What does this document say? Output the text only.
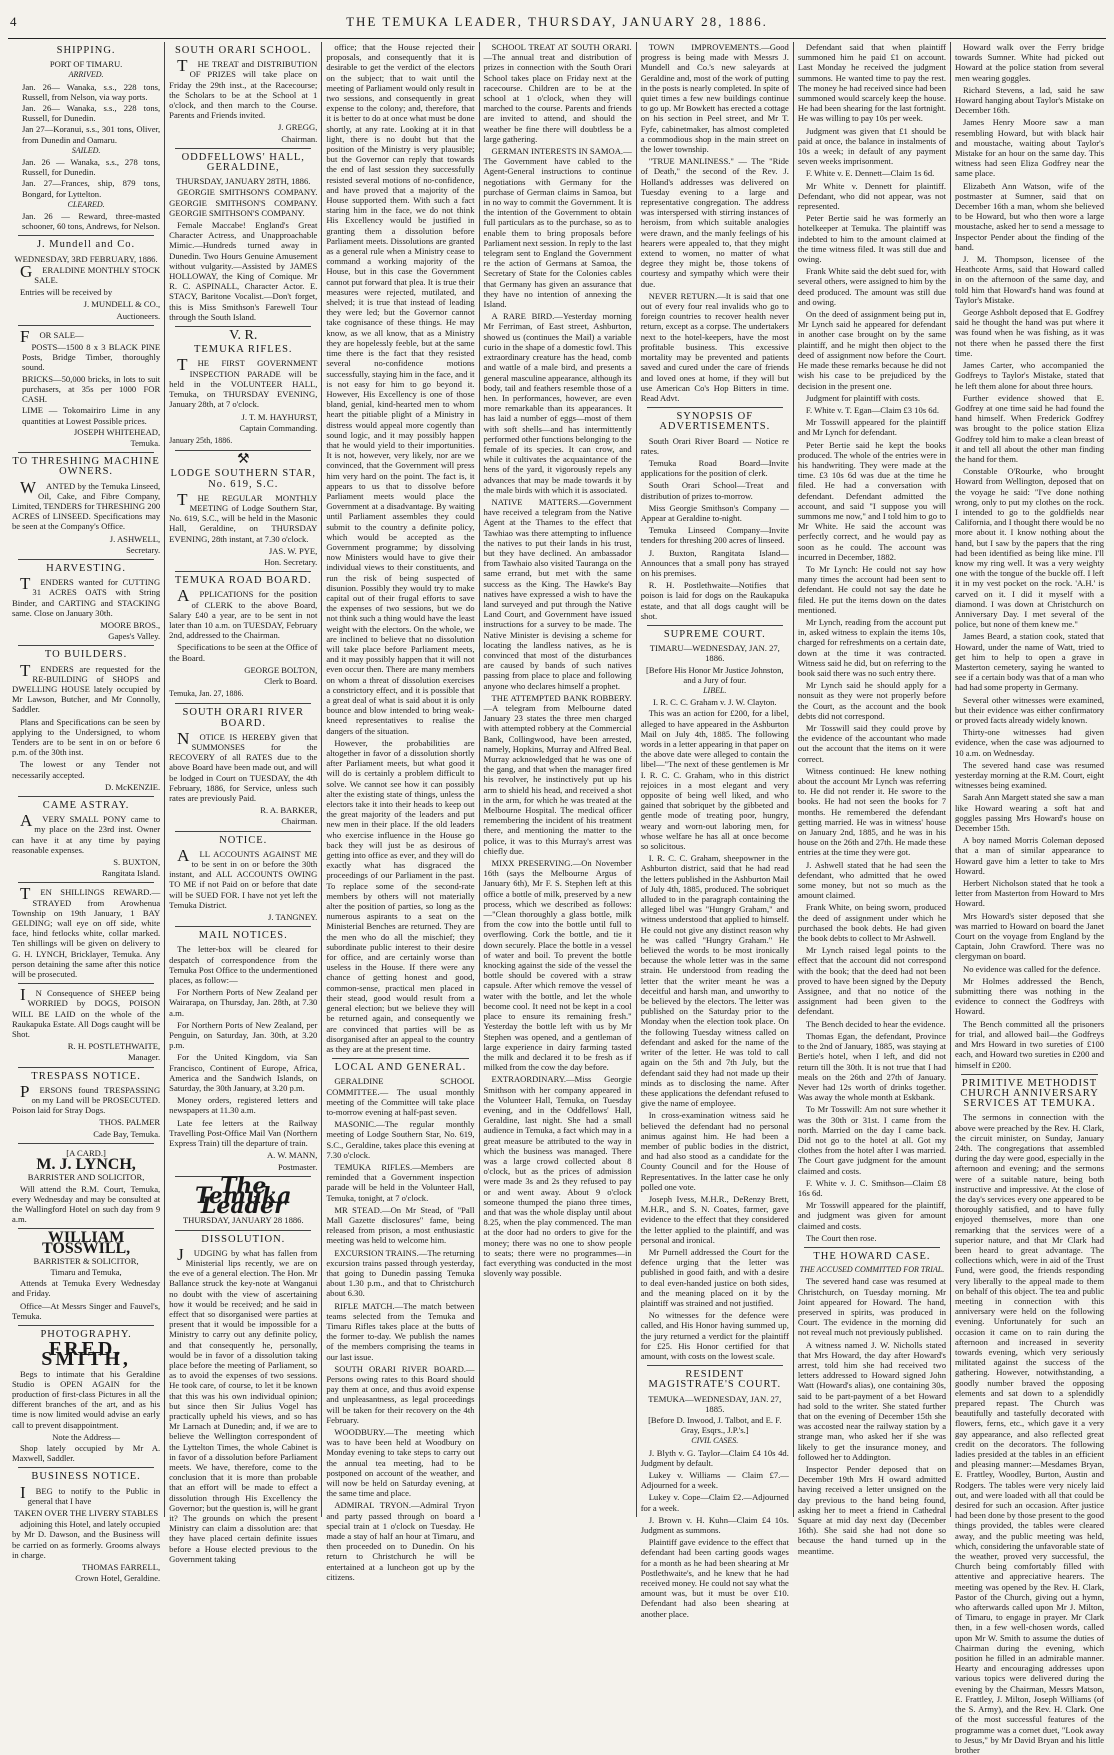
4	THE TEMUKA LEADER, THURSDAY, JANUARY 28, 1886.
SHIPPING.
PORT OF TIMARU.
ARRIVED.
Jan. 26— Wanaka, s.s., 228 tons, Russell, from Nelson, via way ports.
Jan. 26— Wanaka, s.s., 228 tons, Russell, for Dunedin.
Jan 27—Koranui, s.s., 301 tons, Oliver, from Dunedin and Oamaru.
SAILED.
Jan. 26 — Wanaka, s.s., 278 tons, Russell, for Dunedin.
Jan. 27—Frances, ship, 879 tons, Bongard, for Lyttelton.
CLEARED.
Jan. 26 — Reward, three-masted schooner, 60 tons, Andrews, for Nelson.
J. Mundell and Co.
WEDNESDAY, 3RD FEBRUARY, 1886.
GERALDINE MONTHLY STOCK SALE.
Entries will be received by
J. MUNDELL & CO.,
Auctioneers.
FOR SALE—
POSTS—1500 8 x 3 BLACK PINE Posts, Bridge Timber, thoroughly sound.
BRICKS—50,000 bricks, in lots to suit purchasers, at 35s per 1000 FOR CASH.
LIME — Tokomairiro Lime in any quantities at Lowest Possible prices.
JOSEPH WHITEHEAD,
Temuka.
TO THRESHING MACHINE OWNERS.
WANTED by the Temuka Linseed, Oil, Cake, and Fibre Company, Limited, TENDERS for THRESHING 200 ACRES of LINSEED. Specifications may be seen at the Company's Office.
J. ASHWELL,
Secretary.
HARVESTING.
TENDERS wanted for CUTTING 31 ACRES OATS with String Binder, and CARTING and STACKING same. Close on January 30th.
MOORE BROS.,
Gapes's Valley.
TO BUILDERS.
TENDERS are requested for the RE-BUILDING of SHOPS and DWELLING HOUSE lately occupied by Mr Lawson, Butcher, and Mr Connolly, Saddler.
Plans and Specifications can be seen by applying to the Undersigned, to whom Tenders are to be sent in on or before 6 p.m. of the 30th inst.
The lowest or any Tender not necessarily accepted.
D. McKENZIE.
CAME ASTRAY.
AVERY SMALL PONY came to my place on the 23rd inst. Owner can have it at any time by paying reasonable expenses.
S. BUXTON,
Rangitata Island.
TEN SHILLINGS REWARD.— STRAYED from Arowhenua Township on 19th January, 1 BAY GELDING; wall eye on off side, white face, hind fetlocks white, collar marked. Ten shillings will be given on delivery to G. H. LYNCH, Bricklayer, Temuka. Any person detaining the same after this notice will be prosecuted.
IN Consequence of SHEEP being WORRIED by DOGS, POISON WILL BE LAID on the whole of the Raukapuka Estate. All Dogs caught will be Shot.
R. H. POSTLETHWAITE,
Manager.
TRESPASS NOTICE.
PERSONS found TRESPASSING on my Land will be PROSECUTED. Poison laid for Stray Dogs.
THOS. PALMER
Cade Bay, Temuka.
[A CARD.]
M. J. LYNCH,
BARRISTER AND SOLICITOR,
Will attend the R.M. Court, Temuka, every Wednesday and may be consulted at the Wallingford Hotel on such day from 9 a.m.
WILLIAM TOSSWILL,
BARRISTER & SOLICITOR,
Timaru and Temuka,
Attends at Temuka Every Wednesday and Friday.
Office—At Messrs Singer and Fauvel's, Temuka.
PHOTOGRAPHY.
FRED. SMITH,
Begs to intimate that his Geraldine Studio is OPEN AGAIN for the production of first-class Pictures in all the different branches of the art, and as his time is now limited would advise an early call to prevent disappointment.
Note the Address—
Shop lately occupied by Mr A. Maxwell, Saddler.
BUSINESS NOTICE.
IBEG to notify to the Public in general that I have
TAKEN OVER THE LIVERY STABLES
adjoining this Hotel, and lately occupied by Mr D. Dawson, and the Business will be carried on as formerly. Grooms always in charge.
THOMAS FARRELL,
Crown Hotel, Geraldine.
SOUTH ORARI SCHOOL.
THE TREAT and DISTRIBUTION OF PRIZES will take place on Friday the 29th inst., at the Racecourse; the Scholars to be at the School at 1 o'clock, and then march to the Course. Parents and Friends invited.
J. GREGG,
Chairman.
ODDFELLOWS' HALL, GERALDINE,
THURSDAY, JANUARY 28TH, 1886.
GEORGIE SMITHSON'S COMPANY. GEORGIE SMITHSON'S COMPANY. GEORGIE SMITHSON'S COMPANY.
Female Maccabe! England's Great Character Actress, and Unapproachable Mimic.—Hundreds turned away in Dunedin. Two Hours Genuine Amusement without vulgarity.—Assisted by JAMES HOLLOWAY, the King of Comique. Mr R. C. ASPINALL, Character Actor. E. STACY, Baritone Vocalist.—Don't forget, this is Miss Smithson's Farewell Tour through the South Island.
V. R.
TEMUKA RIFLES.
THE FIRST GOVERNMENT INSPECTION PARADE will be held in the VOLUNTEER HALL, Temuka, on THURSDAY EVENING, January 28th, at 7 o'clock.
J. T. M. HAYHURST,
Captain Commanding.
January 25th, 1886.
⚒
LODGE SOUTHERN STAR, No. 619, S.C.
THE REGULAR MONTHLY MEETING of Lodge Southern Star, No. 619, S.C., will be held in the Masonic Hall, Geraldine, on THURSDAY EVENING, 28th instant, at 7.30 o'clock.
JAS. W. PYE,
Hon. Secretary.
TEMUKA ROAD BOARD.
APPLICATIONS for the position of CLERK to the above Board, Salary £40 a year, are to be sent in not later than 10 a.m. on TUESDAY, February 2nd, addressed to the Chairman.
Specifications to be seen at the Office of the Board.
GEORGE BOLTON,
Clerk to Board.
Temuka, Jan. 27, 1886.
SOUTH ORARI RIVER BOARD.
NOTICE IS HEREBY given that SUMMONSES for the RECOVERY of all RATES due to the above Board have been made out, and will be lodged in Court on TUESDAY, the 4th February, 1886, for Service, unless such rates are previously Paid.
R. A. BARKER,
Chairman.
NOTICE.
ALL ACCOUNTS AGAINST ME to be sent in on or before the 30th instant, and ALL ACCOUNTS OWING TO ME if not Paid on or before that date will be SUED FOR. I have not yet left the Temuka District.
J. TANGNEY.
MAIL NOTICES.
The letter-box will be cleared for despatch of correspondence from the Temuka Post Office to the undermentioned places, as follow:—
For Northern Ports of New Zealand per Wairarapa, on Thursday, Jan. 28th, at 7.30 a.m.
For Northern Ports of New Zealand, per Penguin, on Saturday, Jan. 30th, at 3.20 p.m.
For the United Kingdom, via San Francisco, Continent of Europe, Africa, America and the Sandwich Islands, on Saturday, the 30th January, at 3.20 p.m.
Money orders, registered letters and newspapers at 11.30 a.m.
Late fee letters at the Railway Travelling Post-Office Mail Van (Northern Express Train) till the departure of train.
A. W. MANN,
Postmaster.
The Temuka Leader
THURSDAY, JANUARY 28 1886.
DISSOLUTION.
JUDGING by what has fallen from Ministerial lips recently, we are on the eve of a general election. The Hon. Mr Ballance struck the key-note at Wanganui no doubt with the view of ascertaining how it would be received; and he said in effect that so disorganised were parties at present that it would be impossible for a Ministry to carry out any definite policy, and that consequently he, personally, would be in favor of a dissolution taking place before the meeting of Parliament, so as to avoid the expenses of two sessions. He took care, of course, to let it be known that this was his own individual opinion; but since then Sir Julius Vogel has practically upheld his views, and so has Mr Larnach at Dunedin; and, if we are to believe the Wellington correspondent of the Lyttelton Times, the whole Cabinet is in favor of a dissolution before Parliament meets. We have, therefore, come to the conclusion that it is more than probable that an effort will be made to effect a dissolution through His Excellency the Governor; but the question is, will he grant it? The grounds on which the present Ministry can claim a dissolution are: that they have placed certain definite issues before a House elected previous to the Government taking
office; that the House rejected their proposals, and consequently that it is desirable to get the verdict of the electors on the subject; that to wait until the meeting of Parliament would only result in two sessions, and consequently in great expense to the colony; and, therefore, that it is better to do at once what must be done shortly, at any rate. Looking at it in that light, there is no doubt but that the position of the Ministry is very plausible; but the Governor can reply that towards the end of last session they successfully resisted several motions of no-confidence, and have proved that a majority of the House supported them. With such a fact staring him in the face, we do not think His Excellency would be justified in granting them a dissolution before Parliament meets. Dissolutions are granted as a general rule when a Ministry cease to command a working majority of the House, but in this case the Government cannot put forward that plea. It is true their measures were rejected, mutilated, and shelved; it is true that instead of leading they were led; but the Governor cannot take cognisance of these things. He may know, as we all know, that as a Ministry they are hopelessly feeble, but at the same time there is the fact that they resisted several no-confidence motions successfully, staying him in the face, and it is not easy for him to go beyond it. However, His Excellency is one of those bland, genial, kind-hearted men to whom heart the pitiable plight of a Ministry in distress would appeal more cogently than sound logic, and it may possibly happen that he would yield to their importunities. It is not, however, very likely, nor are we convinced, that the Government will press him very hard on the point. The fact is, it appears to us that to dissolve before Parliament meets would place the Government at a disadvantage. By waiting until Parliament assembles they could submit to the country a definite policy, which would be accepted as the Government programme; by dissolving now Ministers would have to give their individual views to their constituents, and run the risk of being suspected of disunion. Possibly they would try to make capital out of their frugal efforts to save the expenses of two sessions, but we do not think such a thing would have the least weight with the electors. On the whole, we are inclined to believe that no dissolution will take place before Parliament meets, and it may possibly happen that it will not even occur then. There are many members on whom a threat of dissolution exercises a constrictory effect, and it is possible that a great deal of what is said about it is only bounce and blow intended to bring weak-kneed representatives to realise the dangers of the situation.
However, the probabilities are altogether in favor of a dissolution shortly after Parliament meets, but what good it will do is certainly a problem difficult to solve. We cannot see how it can possibly alter the existing state of things, unless the electors take it into their heads to keep out the great majority of the leaders and put new men in their place. If the old leaders who exercise influence in the House go back they will just be as desirous of getting into office as ever, and they will do exactly what has disgraced the proceedings of our Parliament in the past. To replace some of the second-rate members by others will not materially alter the position of parties, so long as the numerous aspirants to a seat on the Ministerial Benches are returned. They are the men who do all the mischief; they subordinate public interest to their desire for office, and are certainly worse than useless in the House. If there were any chance of getting honest and good, common-sense, practical men placed in their stead, good would result from a general election; but we believe they will be returned again, and consequently we are convinced that parties will be as disorganised after an appeal to the country as they are at the present time.
LOCAL AND GENERAL.
GERALDINE SCHOOL COMMITTEE.— The usual monthly meeting of the Committee will take place to-morrow evening at half-past seven.
MASONIC.—The regular monthly meeting of Lodge Southern Star, No. 619, S.C., Geraldine, takes place this evening at 7.30 o'clock.
TEMUKA RIFLES.—Members are reminded that a Government inspection parade will be held in the Volunteer Hall, Temuka, tonight, at 7 o'clock.
MR STEAD.—On Mr Stead, of "Pall Mall Gazette disclosures" fame, being released from prison, a most enthusiastic meeting was held to welcome him.
EXCURSION TRAINS.—The returning excursion trains passed through yesterday, that going to Dunedin passing Temuka about 1.30 p.m., and that to Christchurch about 6.30.
RIFLE MATCH.—The match between teams selected from the Temuka and Timaru Rifles takes place at the butts of the former to-day. We publish the names of the members comprising the teams in our last issue.
SOUTH ORARI RIVER BOARD.—Persons owing rates to this Board should pay them at once, and thus avoid expense and unpleasantness, as legal proceedings will be taken for their recovery on the 4th February.
WOODBURY.—The meeting which was to have been held at Woodbury on Monday evening to take steps to carry out the annual tea meeting, had to be postponed on account of the weather, and will now be held on Saturday evening, at the same time and place.
ADMIRAL TRYON.—Admiral Tryon and party passed through on board a special train at 1 o'clock on Tuesday. He made a stay of half an hour at Timaru, and then proceeded on to Dunedin. On his return to Christchurch he will be entertained at a luncheon got up by the citizens.
SCHOOL TREAT AT SOUTH ORARI.—The annual treat and distribution of prizes in connection with the South Orari School takes place on Friday next at the racecourse. Children are to be at the school at 1 o'clock, when they will marched to the course. Parents and friends are invited to attend, and should the weather be fine there will doubtless be a large gathering.
GERMAN INTERESTS IN SAMOA.— The Government have cabled to the Agent-General instructions to continue negotiations with Germany for the purchase of German claims in Samoa, but in no way to commit the Government. It is the intention of the Government to obtain full particulars as to the purchase, so as to enable them to bring proposals before Parliament next session. In reply to the last telegram sent to England the Government re the action of Germans at Samoa, the Secretary of State for the Colonies cables that Germany has given an assurance that they have no intention of annexing the Island.
A RARE BIRD.—Yesterday morning Mr Ferriman, of East street, Ashburton, showed us (continues the Mail) a variable curio in the shape of a domestic fowl. This extraordinary creature has the head, comb and wattle of a male bird, and presents a general masculine appearance, although its body, tail and feathers resemble those of a hen. In performances, however, are even more remarkable than its appearances. It has laid a number of eggs—most of them with soft shells—and has intermittently performed other functions belonging to the female of its species. It can crow, and while it cultivates the acquaintance of the hens of the yard, it vigorously repels any advances that may be made towards it by the male birds with which it is associated.
NATIVE MATTERS.—Government have received a telegram from the Native Agent at the Thames to the effect that Tawhiao was there attempting to influence the natives to put their lands in his trust, but they have declined. An ambassador from Tawhaio also visited Tauranga on the same errand, but met with the same success as the King. The Hawke's Bay natives have expressed a wish to have the land surveyed and put through the Native Land Court, and Government have issued instructions for a survey to be made. The Native Minister is devising a scheme for locating the landless natives, as he is convinced that most of the disturbances are caused by bands of such natives passing from place to place and following anyone who declares himself a prophet.
THE ATTEMPTED BANK ROBBERY.—A telegram from Melbourne dated January 23 states the three men charged with attempted robbery at the Commercial Bank, Collingwood, have been arrested, namely, Hopkins, Murray and Alfred Beal. Murray acknowledged that he was one of the gang, and that when the manager fired his revolver, he instinctively put up his arm to shield his head, and received a shot in the arm, for which he was treated at the Melbourne Hospital. The medical officer remembering the incident of his treatment there, and mentioning the matter to the police, it was to this Murray's arrest was chiefly due.
MIXX PRESERVING.—On November 16th (says the Melbourne Argus of January 6th), Mr F. S. Stephen left at this office a bottle of milk, preserved by a new process, which we described as follows:—"Clean thoroughly a glass bottle, milk from the cow into the bottle until full to overflowing. Cork the bottle, and tie it down securely. Place the bottle in a vessel of water and boil. To prevent the bottle knocking against the side of the vessel the bottle should be covered with a straw capsule. After which remove the vessel of water with the bottle, and let the whole become cool. It need not be kept in a cool place to ensure its remaining fresh." Yesterday the bottle left with us by Mr Stephen was opened, and a gentleman of large experience in dairy farming tasted the milk and declared it to be fresh as if milked from the cow the day before.
EXTRAORDINARY.—Miss Georgie Smithson with her company appeared in the Volunteer Hall, Temuka, on Tuesday evening, and in the Oddfellows' Hall, Geraldine, last night. She had a small audience in Temuka, a fact which may in a great measure be attributed to the way in which the business was managed. There was a large crowd collected about 8 o'clock, but as the prices of admission were made 3s and 2s they refused to pay or and went away. About 9 o'clock someone thumped the piano three times, and that was the whole display until about 8.25, when the play commenced. The man at the door had no orders to give for the money; there was no one to show people to seats; there were no programmes—in fact everything was conducted in the most slovenly way possible.
TOWN IMPROVEMENTS.—Good progress is being made with Messrs J. Mundell and Co.'s new saleyards at Geraldine and, most of the work of putting in the posts is nearly completed. In spite of quiet times a few new buildings continue to go up. Mr Bowkett has erected a cottage on his section in Peel street, and Mr T. Fyfe, cabinetmaker, has almost completed a commodious shop in the main street on the lower township.
"TRUE MANLINESS." — The "Ride of Death," the second of the Rev. J. Holland's addresses was delivered on Tuesday evening to a large and representative congregation. The address was interspersed with stirring instances of heroism, from which suitable analogies were drawn, and the manly feelings of his hearers were appealed to, that they might extend to women, no matter of what degree they might be, those tokens of courtesy and sympathy which were their due.
NEVER RETURN.—It is said that one out of every four real invalids who go to foreign countries to recover health never return, except as a corpse. The undertakers next to the hotel-keepers, have the most profitable business. This excessive mortality may be prevented and patients saved and cured under the care of friends and loved ones at home, if they will but use American Co's Hop Bitters in time. Read Advt.
SYNOPSIS OF ADVERTISEMENTS.
South Orari River Board — Notice re rates.
Temuka Road Board—Invite applications for the position of clerk.
South Orari School—Treat and distribution of prizes to-morrow.
Miss Georgie Smithson's Company — Appear at Geraldine to-night.
Temuka Linseed Company—Invite tenders for threshing 200 acres of linseed.
J. Buxton, Rangitata Island—Announces that a small pony has strayed on his premises.
R. H. Postlethwaite—Notifies that poison is laid for dogs on the Raukapuka estate, and that all dogs caught will be shot.
SUPREME COURT.
TIMARU—WEDNESDAY, JAN. 27, 1886.
[Before His Honor Mr Justice Johnston, and a Jury of four.
LIBEL.
I. R. C. C. Graham v. J. W. Clayton.
This was an action for £200, for a libel, alleged to have appeared in the Ashburton Mail on July 4th, 1885. The following words in a letter appearing in that paper on the above date were alleged to contain the libel—"The next of these gentlemen is Mr I. R. C. C. Graham, who in this district rejoices in a most elegant and very opposite of being well liked, and who gained that sobriquet by the gibbeted and gentle mode of treating poor, hungry, weary and worn-out laboring men, for whose welfare he has all at once become so solicitous.
I. R. C. C. Graham, sheepowner in the Ashburton district, said that he had read the letters published in the Ashburton Mail of July 4th, 1885, produced. The sobriquet alluded to in the paragraph containing the alleged libel was "Hungry Graham," and witness understood that applied to himself. He could not give any distinct reason why he was called "Hungry Graham." He believed the words to be most ironically because the whole letter was in the same strain. He understood from reading the letter that the writer meant he was a deceitful and harsh man, and unworthy to be believed by the electors. The letter was published on the Saturday prior to the Monday when the election took place. On the following Tuesday witness called on defendant and asked for the name of the writer of the letter. He was told to call again on the 5th and 7th July, but the defendant said they had not made up their minds as to disclosing the name. After these applications the defendant refused to give the name of employee.
In cross-examination witness said he believed the defendant had no personal animus against him. He had been a member of public bodies in the district, and had also stood as a candidate for the County Council and for the House of Representatives. In the latter case he only polled one vote.
Joseph Ivess, M.H.R., DeRenzy Brett, M.H.R., and S. N. Coates, farmer, gave evidence to the effect that they considered the letter applied to the plaintiff, and was personal and ironical.
Mr Purnell addressed the Court for the defence urging that the letter was published in good faith, and with a desire to deal even-handed justice on both sides, and the meaning placed on it by the plaintiff was strained and not justified.
No witnesses for the defence were called, and His Honor having summed up, the jury returned a verdict for the plaintiff for £25. His Honor certified for that amount, with costs on the lowest scale.
RESIDENT MAGISTRATE'S COURT.
TEMUKA—WEDNESDAY, JAN. 27, 1885.
[Before D. Inwood, J. Talbot, and E. F. Gray, Esqrs., J.P.'s.]
CIVIL CASES.
J. Blyth v. G. Taylor—Claim £4 10s 4d. Judgment by default.
Lukey v. Williams — Claim £7.— Adjourned for a week.
Lukey v. Cope—Claim £2.—Adjourned for a week.
J. Brown v. H. Kuhn—Claim £4 10s. Judgment as summons.
Plaintiff gave evidence to the effect that defendant had been carting goods wages for a month as he had been shearing at Mr Postlethwaite's, and he knew that he had received money. He could not say what the amount was, but it must be over £10. Defendant had also been shearing at another place.
Defendant said that when plaintiff summoned him he paid £1 on account. Last Monday he received the judgment summons. He wanted time to pay the rest. The money he had received since had been summoned would scarcely keep the house. He had been shearing for the last fortnight. He was willing to pay 10s per week.
Judgment was given that £1 should be paid at once, the balance in instalments of 10s a week; in default of any payment seven weeks imprisonment.
F. White v. E. Dennett—Claim 1s 6d.
Mr White v. Dennett for plaintiff. Defendant, who did not appear, was not represented.
Peter Bertie said he was formerly an hotelkeeper at Temuka. The plaintiff was indebted to him to the amount claimed at the time witness filed. It was still due and owing.
Frank White said the debt sued for, with several others, were assigned to him by the deed produced. The amount was still due and owing.
On the deed of assignment being put in, Mr Lynch said he appeared for defendant in another case brought on by the same plaintiff, and he might then object to the deed of assignment now before the Court. He made these remarks because he did not wish his case to be prejudiced by the decision in the present one.
Judgment for plaintiff with costs.
F. White v. T. Egan—Claim £3 10s 6d.
Mr Tosswill appeared for the plaintiff and Mr Lynch for defendant.
Peter Bertie said he kept the books produced. The whole of the entries were in his handwriting. They were made at the time. £3 10s 6d was due at the time he filed. He had a conversation with defendant. Defendant admitted the account, and said "I suppose you will summons me now," and I told him to go to Mr White. He said the account was perfectly correct, and he would pay as soon as he could. The account was incurred in December, 1882.
To Mr Lynch: He could not say how many times the account had been sent to defendant. He could not say the date he filed. He put the items down on the dates mentioned.
Mr Lynch, reading from the account put in, asked witness to explain the items 10s, charged for refreshments on a certain date, down at the time it was contracted. Witness said he did, but on referring to the book said there was no such entry there.
Mr Lynch said he should apply for a nonsuit as they were not properly before the Court, as the account and the book debts did not correspond.
Mr Tosswill said they could prove by the evidence of the accountant who made out the account that the items on it were correct.
Witness continued: He knew nothing about the account Mr Lynch was referring to. He did not render it. He swore to the books. He had not seen the books for 7 months. He remembered the defendant getting married. He was in witness' house on January 2nd, 1885, and he was in his house on the 26th and 27th. He made these entries at the time they were got.
J. Ashwell stated that he had seen the defendant, who admitted that he owed some money, but not so much as the amount claimed.
Frank White, on being sworn, produced the deed of assignment under which he purchased the book debts. He had given the book debts to collect to Mr Ashwell.
Mr Lynch raised legal points to the effect that the account did not correspond with the book; that the deed had not been proved to have been signed by the Deputy Assignee, and that no notice of the assignment had been given to the defendant.
The Bench decided to hear the evidence.
Thomas Egan, the defendant, Province to the 2nd of January, 1885, was staying at Bertie's hotel, when I left, and did not return till the 30th. It is not true that I had meals on the 26th and 27th of January. Never had 12s worth of drinks together. Was away the whole month at Eskbank.
To Mr Tosswill: Am not sure whether it was the 30th or 31st. I came from the north. Married on the day I came back. Did not go to the hotel at all. Got my clothes from the hotel after I was married. The Court gave judgment for the amount claimed and costs.
F. White v. J. C. Smithson—Claim £8 16s 6d.
Mr Tosswill appeared for the plaintiff, and judgment was given for amount claimed and costs.
The Court then rose.
THE HOWARD CASE.
THE ACCUSED COMMITTED FOR TRIAL.
The severed hand case was resumed at Christchurch, on Tuesday morning. Mr Joint appeared for Howard. The hand, preserved in spirits, was produced in Court. The evidence in the morning did not reveal much not previously published.
A witness named J. W. Nicholls stated that Mrs Howard, the day after Howard's arrest, told him she had received two letters addressed to Howard signed John Watt (Howard's alias), one containing 30s, said to be part-payment of a bet Howard had sold to the writer. She stated further that on the evening of December 15th she was accosted near the railway station by a strange man, who asked her if she was likely to get the insurance money, and followed her to Addington.
Inspector Pender deposed that on December 19th Mrs H oward admitted having received a letter unsigned on the day previous to the hand being found, asking her to meet a friend in Cathedral Square at mid day next day (December 16th). She said she had not done so because the hand turned up in the meantime.
Howard walk over the Ferry bridge towards Sumner. White had picked out Howard at the police station from several men wearing goggles.
Richard Stevens, a lad, said he saw Howard hanging about Taylor's Mistake on December 16th.
James Henry Moore saw a man resembling Howard, but with black hair and moustache, waiting about Taylor's Mistake for an hour on the same day. This witness had seen Eliza Godfrey near the same place.
Elizabeth Ann Watson, wife of the postmaster at Sumner, said that on December 16th a man, whom she believed to be Howard, but who then wore a large moustache, asked her to send a message to Inspector Pender about the finding of the hand.
J. M. Thompson, licensee of the Heathcote Arms, said that Howard called in on the afternoon of the same day, and told him that Howard's hand was found at Taylor's Mistake.
George Ashbolt deposed that E. Godfrey said he thought the hand was put where it was found when he was fishing, as it was not there when he passed there the first time.
James Carter, who accompanied the Godfreys to Taylor's Mistake, stated that he left them alone for about three hours.
Further evidence showed that E. Godfrey at one time said he had found the hand himself. When Frederick Godfrey was brought to the police station Eliza Godfrey told him to make a clean breast of it and tell all about the other man finding the hand for them.
Constable O'Rourke, who brought Howard from Wellington, deposed that on the voyage he said: "I've done nothing wrong, only to put my clothes on the rock. I intended to go to the goldfields near California, and I thought there would be no more about it. I know nothing about the hand, but I saw by the papers that the ring had been identified as being like mine. I'll know my ring well. It was a very weighty one with the tongue of the buckle off. I left it in my vest pocket on the rock. 'A.H.' is carved on it. I did it myself with a diamond. I was down at Christchurch on Anniversary Day. I met several of the police, but none of them knew me."
James Beard, a station cook, stated that Howard, under the name of Watt, tried to get him to help to open a grave in Masterton cemetery, saying he wanted to see if a certain body was that of a man who had had some property in Germany.
Several other witnesses were examined, but their evidence was either confirmatory or proved facts already widely known.
Thirty-one witnesses had given evidence, when the case was adjourned to 10 a.m. on Wednesday.
The severed hand case was resumed yesterday morning at the R.M. Court, eight witnesses being examined.
Sarah Ann Margett stated she saw a man like Howard wearing a soft hat and goggles passing Mrs Howard's house on December 15th.
A boy named Morris Coleman deposed that a man of similar appearance to Howard gave him a letter to take to Mrs Howard.
Herbert Nicholson stated that he took a letter from Masterton from Howard to Mrs Howard.
Mrs Howard's sister deposed that she was married to Howard on board the Janet Court on the voyage from England by the Captain, John Crawford. There was no clergyman on board.
No evidence was called for the defence.
Mr Holmes addressed the Bench, submitting there was nothing in the evidence to connect the Godfreys with Howard.
The Bench committed all the prisoners for trial, and allowed bail—the Godfreys and Mrs Howard in two sureties of £100 each, and Howard two sureties in £200 and himself in £200.
PRIMITIVE METHODIST CHURCH ANNIVERSARY SERVICES AT TEMUKA.
The sermons in connection with the above were preached by the Rev. H. Clark, the circuit minister, on Sunday, January 24th. The congregations that assembled during the day were good, especially in the afternoon and evening; and the sermons were of a suitable nature, being both instructive and impressive. At the close of the day's services every one appeared to be thoroughly satisfied, and to have fully enjoyed themselves, more than one remarking that the services were of a superior nature, and that Mr Clark had been heard to great advantage. The collections which, were in aid of the Trust Fund, were good, the friends responding very liberally to the appeal made to them on behalf of this object. The tea and public meeting in connection with this anniversary were held on the following evening. Unfortunately for such an occasion it came on to rain during the afternoon and increased in severity towards evening, which very seriously militated against the success of the gathering. However, notwithstanding, a goodly number braved the opposing elements and sat down to a splendidly prepared repast. The Church was beautifully and tastefully decorated with flowers, ferns, etc., which gave it a very gay appearance, and also reflected great credit on the decorators. The following ladies presided at the tables in an efficient and pleasing manner:—Mesdames Bryan, E. Frattley, Woodley, Burton, Austin and Rodgers. The tables were very nicely laid out, and were loaded with all that could be desired for such an occasion. After justice had been done by those present to the good things provided, the tables were cleared away, and the public meeting was held, which, considering the unfavorable state of the weather, proved very successful, the Church being comfortably filled with attentive and appreciative hearers. The meeting was opened by the Rev. H. Clark, Pastor of the Church, giving out a hymn, who afterwards called upon Mr J. Milton, of Timaru, to engage in prayer. Mr Clark then, in a few well-chosen words, called upon Mr W. Smith to assume the duties of Chairman during the evening, which position he filled in an admirable manner. Hearty and encouraging addresses upon various topics were delivered during the evening by the Chairman, Messrs Matson, E. Frattley, J. Milton, Joseph Williams (of the S. Army), and the Rev. H. Clark. One of the most successful features of the programme was a cornet duet, "Look away to Jesus," by Mr David Bryan and his little brother
